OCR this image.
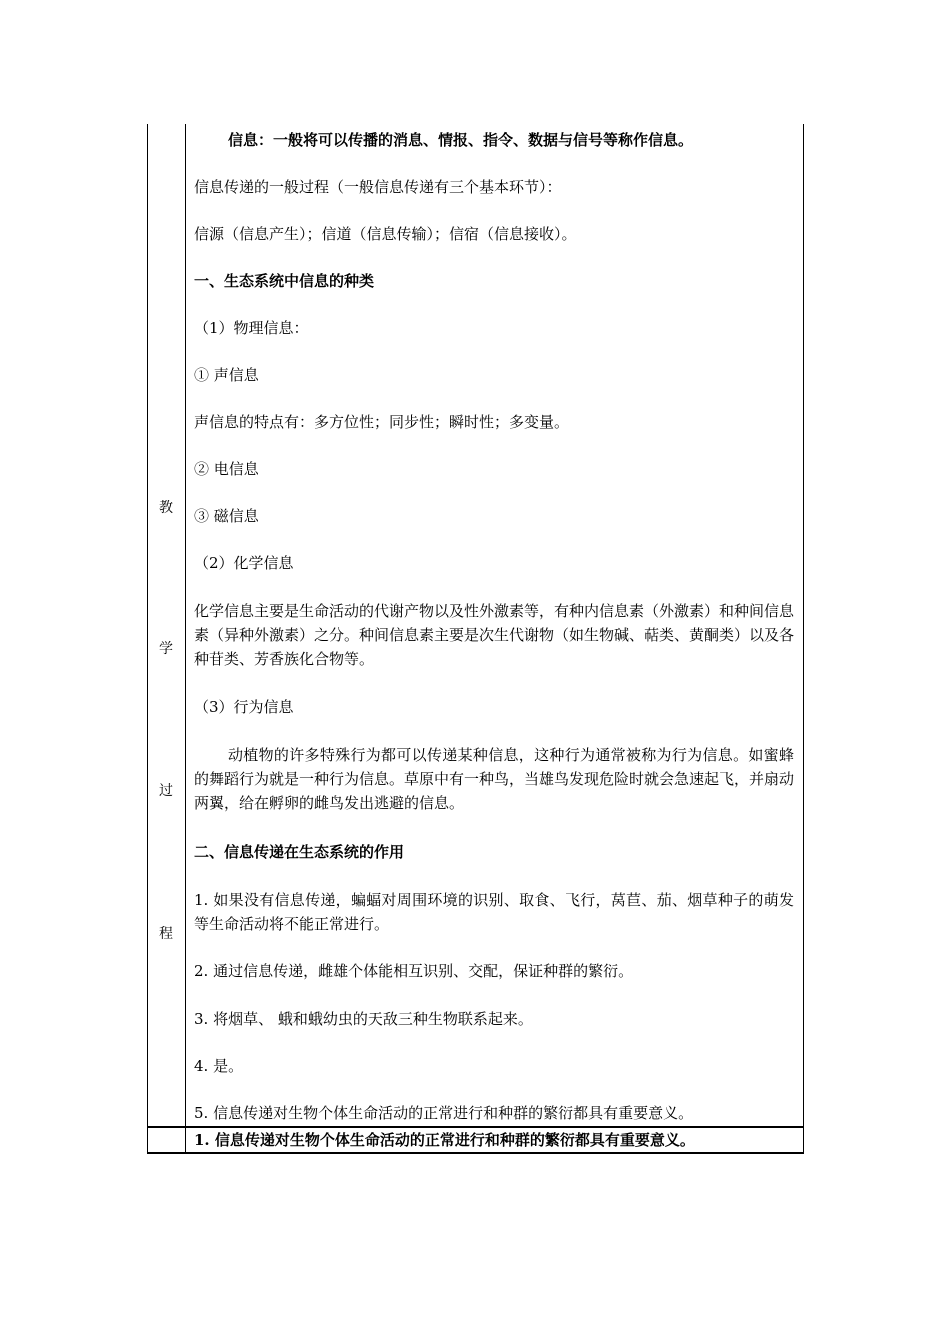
教
学
过
程
信息：一般将可以传播的消息、情报、指令、数据与信号等称作信息。
信息传递的一般过程（一般信息传递有三个基本环节）：
信源（信息产生）；信道（信息传输）；信宿（信息接收）。
一、生态系统中信息的种类
（1）物理信息：
① 声信息
声信息的特点有：多方位性；同步性；瞬时性；多变量。
② 电信息
③ 磁信息
（2）化学信息
化学信息主要是生命活动的代谢产物以及性外激素等，有种内信息素（外激素）和种间信息素（异种外激素）之分。种间信息素主要是次生代谢物（如生物碱、萜类、黄酮类）以及各种苷类、芳香族化合物等。
（3）行为信息
动植物的许多特殊行为都可以传递某种信息，这种行为通常被称为行为信息。如蜜蜂的舞蹈行为就是一种行为信息。草原中有一种鸟，当雄鸟发现危险时就会急速起飞，并扇动两翼，给在孵卵的雌鸟发出逃避的信息。
二、信息传递在生态系统的作用
1. 如果没有信息传递，蝙蝠对周围环境的识别、取食、飞行，莴苣、茄、烟草种子的萌发等生命活动将不能正常进行。
2. 通过信息传递，雌雄个体能相互识别、交配，保证种群的繁衍。
3. 将烟草、 蛾和蛾幼虫的天敌三种生物联系起来。
4. 是。
5. 信息传递对生物个体生命活动的正常进行和种群的繁衍都具有重要意义。
1. 信息传递对生物个体生命活动的正常进行和种群的繁衍都具有重要意义。
